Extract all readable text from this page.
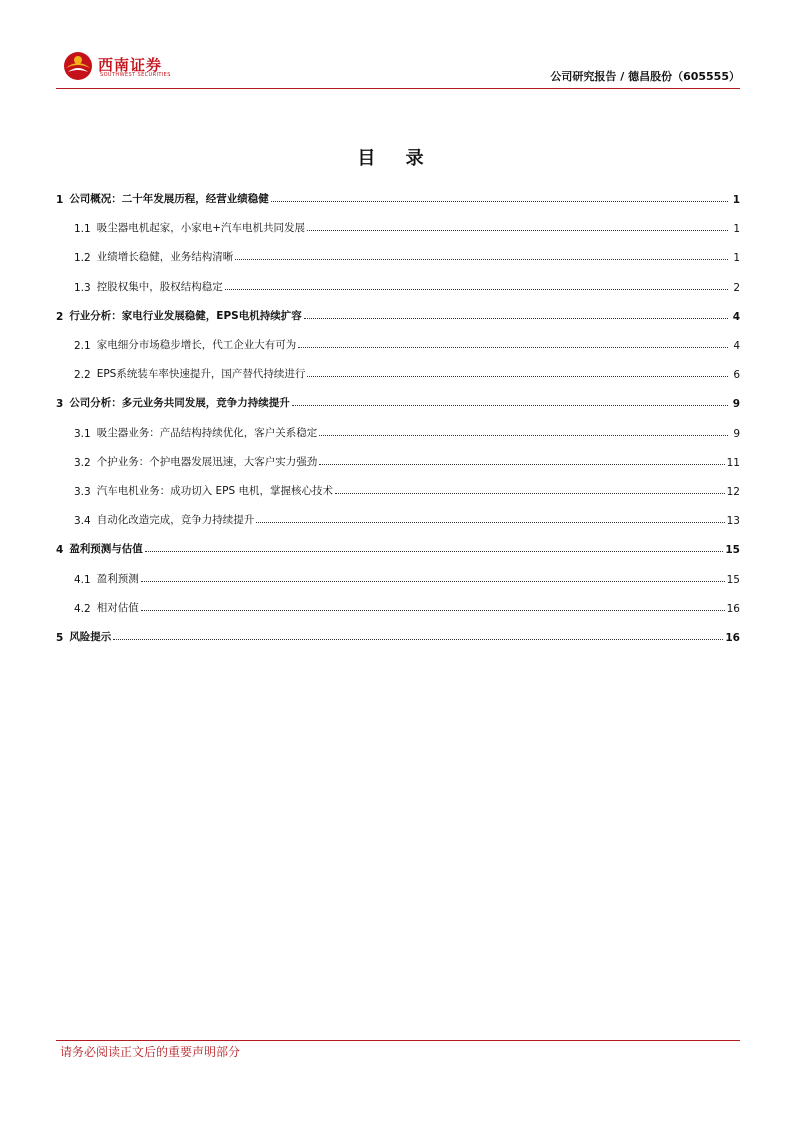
西南证券
SOUTHWEST SECURITIES	公司研究报告 / 德昌股份（605555）
目 录
1 公司概况：二十年发展历程，经营业绩稳健	1
1.1 吸尘器电机起家，小家电+汽车电机共同发展	1
1.2 业绩增长稳健，业务结构清晰	1
1.3 控股权集中，股权结构稳定	2
2 行业分析：家电行业发展稳健，EPS电机持续扩容	4
2.1 家电细分市场稳步增长，代工企业大有可为	4
2.2 EPS系统装车率快速提升，国产替代持续进行	6
3 公司分析：多元业务共同发展，竞争力持续提升	9
3.1 吸尘器业务：产品结构持续优化，客户关系稳定	9
3.2 个护业务：个护电器发展迅速，大客户实力强劲	11
3.3 汽车电机业务：成功切入 EPS 电机，掌握核心技术	12
3.4 自动化改造完成，竞争力持续提升	13
4 盈利预测与估值	15
4.1 盈利预测	15
4.2 相对估值	16
5 风险提示	16
请务必阅读正文后的重要声明部分
